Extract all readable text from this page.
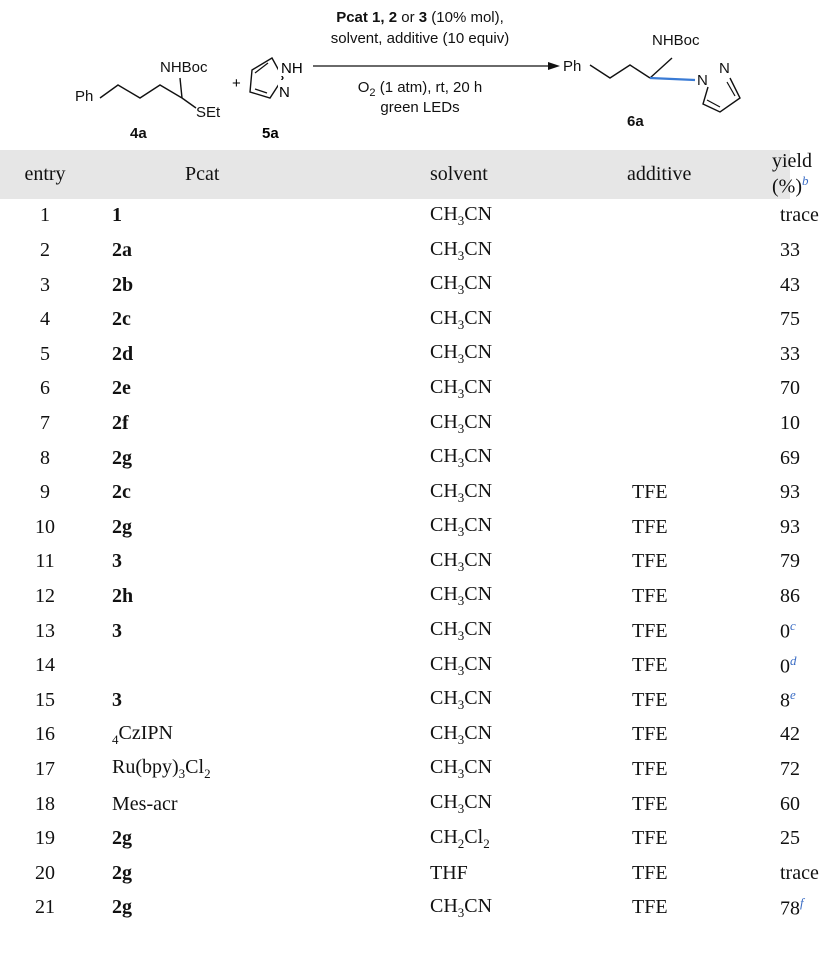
Ph
NHBoc
SEt
4a
+
NH
N
5a
Pcat 1, 2 or 3 (10% mol),
solvent, additive (10 equiv)
$O_2$ (1 atm), rt, 20 h
green LEDs
Ph
NHBoc
N
N
6a
entry	Pcat	solvent	additive	yield (%)$^b$
1	1	$CH_3CN$		trace
2	2a	$CH_3CN$		33
3	2b	$CH_3CN$		43
4	2c	$CH_3CN$		75
5	2d	$CH_3CN$		33
6	2e	$CH_3CN$		70
7	2f	$CH_3CN$		10
8	2g	$CH_3CN$		69
9	2c	$CH_3CN$	TFE	93
10	2g	$CH_3CN$	TFE	93
11	3	$CH_3CN$	TFE	79
12	2h	$CH_3CN$	TFE	86
13	3	$CH_3CN$	TFE	0$^c$
14		$CH_3CN$	TFE	0$^d$
15	3	$CH_3CN$	TFE	8e
16	$_4$CzIPN	$CH_3CN$	TFE	42
17	$Ru(bpy)_3Cl_2$	$CH_3CN$	TFE	72
18	Mes-acr	$CH_3CN$	TFE	60
19	2g	$CH_2Cl_2$	TFE	25
20	2g	THF	TFE	trace
21	2g	$CH_3CN$	TFE	78$^f$
